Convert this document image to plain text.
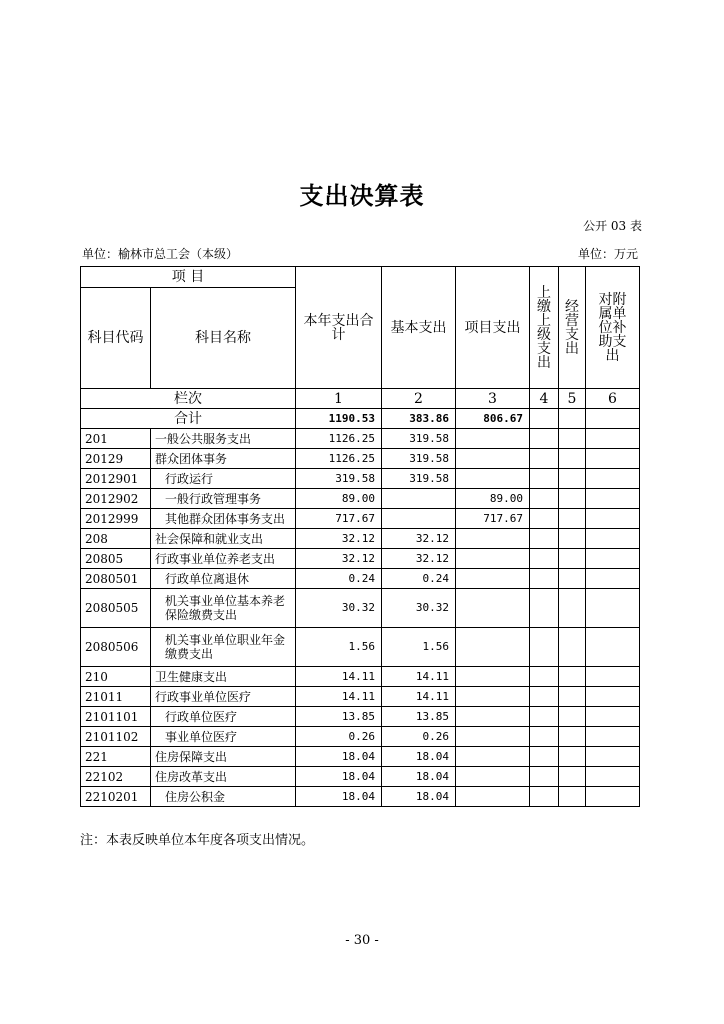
支出决算表
公开 03 表
单位：榆林市总工会（本级）	单位：万元
项 目		本年支出合计	基本支出	项目支出	上缴上级支出	经营支出	对附属单位补助支出
科目代码	科目名称						
栏次		1	2	3	4	5	6
合计		1190.53	383.86	806.67			
201	一般公共服务支出	1126.25	319.58				
20129	群众团体事务	1126.25	319.58				
2012901	行政运行	319.58	319.58				
2012902	一般行政管理事务	89.00		89.00			
2012999	其他群众团体事务支出	717.67		717.67			
208	社会保障和就业支出	32.12	32.12				
20805	行政事业单位养老支出	32.12	32.12				
2080501	行政单位离退休	0.24	0.24				
2080505	机关事业单位基本养老保险缴费支出	30.32	30.32				
2080506	机关事业单位职业年金缴费支出	1.56	1.56				
210	卫生健康支出	14.11	14.11				
21011	行政事业单位医疗	14.11	14.11				
2101101	行政单位医疗	13.85	13.85				
2101102	事业单位医疗	0.26	0.26				
221	住房保障支出	18.04	18.04				
22102	住房改革支出	18.04	18.04				
2210201	住房公积金	18.04	18.04				
注：本表反映单位本年度各项支出情况。
- 30 -
